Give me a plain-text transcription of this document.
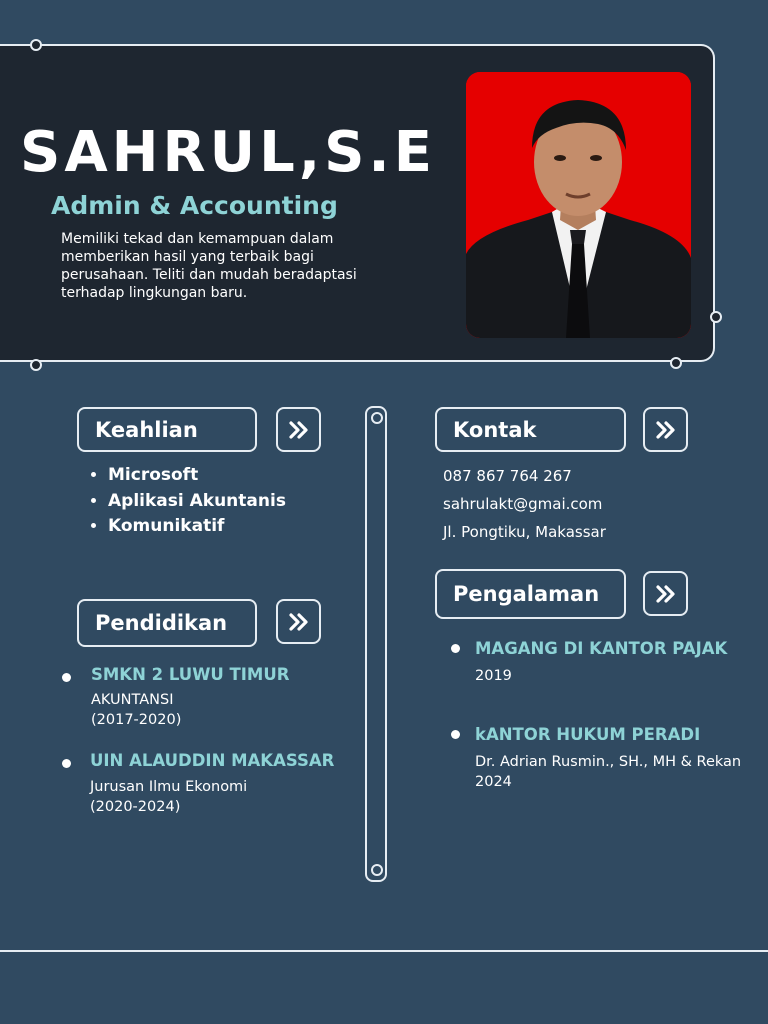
SAHRUL,S.E
Admin & Accounting

Memiliki tekad dan kemampuan dalam memberikan hasil yang terbaik bagi perusahaan. Teliti dan mudah beradaptasi terhadap lingkungan baru.

Keahlian
• Microsoft
• Aplikasi Akuntanis
• Komunikatif
Pendidikan

SMKN 2 LUWU TIMUR

AKUNTANSI

(2017-2020)

UIN ALAUDDIN MAKASSAR

Jurusan Ilmu Ekonomi

(2020-2024)

Kontak

087 867 764 267

sahrulakt@gmai.com

Jl. Pongtiku, Makassar

Pengalaman

MAGANG DI KANTOR PAJAK

2019

kANTOR HUKUM PERADI

Dr. Adrian Rusmin., SH., MH & Rekan

2024
